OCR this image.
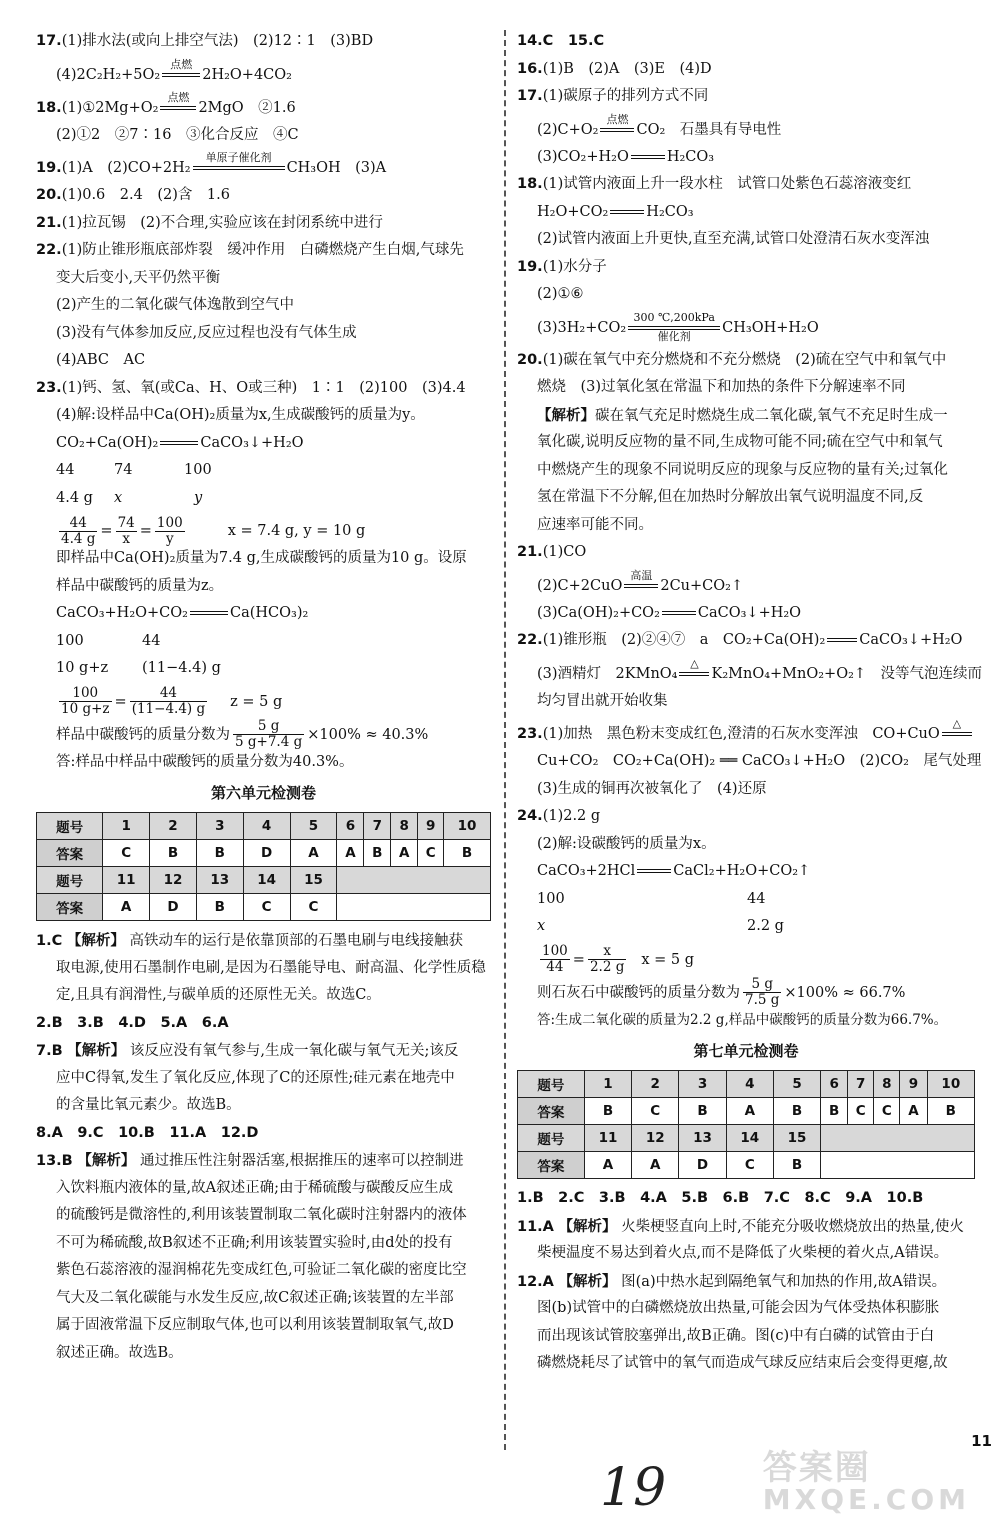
17.(1)排水法(或向上排空气法)　(2)12∶1　(3)BD
(4)2C₂H₂+5O₂
点燃
2H₂O+4CO₂
18.(1)①2Mg+O₂
点燃
2MgO　②1.6
(2)①2　②7∶16　③化合反应　④C
19.(1)A　(2)CO+2H₂
单原子催化剂
CH₃OH　(3)A
20.(1)0.6　2.4　(2)含　1.6
21.(1)拉瓦锡　(2)不合理,实验应该在封闭系统中进行
22.(1)防止锥形瓶底部炸裂　缓冲作用　白磷燃烧产生白烟,气球先
变大后变小,天平仍然平衡
(2)产生的二氧化碳气体逸散到空气中
(3)没有气体参加反应,反应过程也没有气体生成
(4)ABC　AC
23.(1)钙、氢、氧(或Ca、H、O或三种)　1∶1　(2)100　(3)4.4
(4)解:设样品中Ca(OH)₂质量为x,生成碳酸钙的质量为y。
CO₂+Ca(OH)₂	CaCO₃↓+H₂O
44	74	100
4.4 g x	y
$\frac{44}{4.4 g} = \frac{74}{x} = \frac{100}{y}$	x = 7.4 g, y = 10 g
即样品中Ca(OH)₂质量为7.4 g,生成碳酸钙的质量为10 g。设原
样品中碳酸钙的质量为z。
CaCO₃+H₂O+CO₂	Ca(HCO₃)₂
100	44
10 g+z (11−4.4) g
$\frac{100}{10 g+z} = \frac{44}{(11-4.4) g}$ z = 5 g
样品中碳酸钙的质量分数为 $\frac{5 g}{5 g+7.4 g} \times 100\% \approx 40.3\%$
答:样品中样品中碳酸钙的质量分数为40.3%。
第六单元检测卷
题号	1	2	3	4	5	6	7	8	9	10
答案	C	B	B	D	A	A	B	A	C	B
题号	11	12	13	14	15					
答案	A	D	B	C	C					
1.C 【解析】 高铁动车的运行是依靠顶部的石墨电刷与电线接触获
取电源,使用石墨制作电刷,是因为石墨能导电、耐高温、化学性质稳
定,且具有润滑性,与碳单质的还原性无关。故选C。
2.B　 3.B　 4.D　 5.A　 6.A
7.B 【解析】 该反应没有氧气参与,生成一氧化碳与氧气无关;该反
应中C得氧,发生了氧化反应,体现了C的还原性;硅元素在地壳中
的含量比氧元素少。故选B。
8.A　 9.C　 10.B　 11.A　 12.D
13.B 【解析】 通过推压性注射器活塞,根据推压的速率可以控制进
入饮料瓶内液体的量,故A叙述正确;由于稀硫酸与碳酸反应生成
的硫酸钙是微溶性的,利用该装置制取二氧化碳时注射器内的液体
不可为稀硫酸,故B叙述不正确;利用该装置实验时,由d处的投有
紫色石蕊溶液的湿润棉花先变成红色,可验证二氧化碳的密度比空
气大及二氧化碳能与水发生反应,故C叙述正确;该装置的左半部
属于固液常温下反应制取气体,也可以利用该装置制取氧气,故D
叙述正确。故选B。
14.C　 15.C
16.(1)B　(2)A　(3)E　(4)D
17.(1)碳原子的排列方式不同
(2)C+O₂
点燃
CO₂　石墨具有导电性
(3)CO₂+H₂O	H₂CO₃
18.(1)试管内液面上升一段水柱　试管口处紫色石蕊溶液变红
H₂O+CO₂	H₂CO₃
(2)试管内液面上升更快,直至充满,试管口处澄清石灰水变浑浊
19.(1)水分子
(2)①⑥
(3)3H₂+CO₂
300 ℃,200kPa
催化剂
CH₃OH+H₂O
20.(1)碳在氧气中充分燃烧和不充分燃烧　(2)硫在空气中和氧气中
燃烧　(3)过氧化氢在常温下和加热的条件下分解速率不同
【解析】碳在氧气充足时燃烧生成二氧化碳,氧气不充足时生成一
氧化碳,说明反应物的量不同,生成物可能不同;硫在空气中和氧气
中燃烧产生的现象不同说明反应的现象与反应物的量有关;过氧化
氢在常温下不分解,但在加热时分解放出氧气说明温度不同,反
应速率可能不同。
21.(1)CO
(2)C+2CuO
高温
2Cu+CO₂↑
(3)Ca(OH)₂+CO₂	CaCO₃↓+H₂O
22.(1)锥形瓶　(2)②④⑦　a　CO₂+Ca(OH)₂ CaCO₃↓+H₂O
(3)酒精灯　2KMnO₄
△
K₂MnO₄+MnO₂+O₂↑　没等气泡连续而
均匀冒出就开始收集
23.(1)加热　黑色粉末变成红色,澄清的石灰水变浑浊　CO+CuO
△
Cu+CO₂　CO₂+Ca(OH)₂ ══ CaCO₃↓+H₂O　(2)CO₂　尾气处理
(3)生成的铜再次被氧化了　(4)还原
24.(1)2.2 g
(2)解:设碳酸钙的质量为x。
CaCO₃+2HCl	CaCl₂+H₂O+CO₂↑
100	44
x	2.2 g
$\frac{100}{44} = \frac{x}{2.2 g}$ x = 5 g
则石灰石中碳酸钙的质量分数为 $\frac{5 g}{7.5 g} \times 100\% \approx 66.7\%$
答:生成二氧化碳的质量为2.2 g,样品中碳酸钙的质量分数为66.7%。
第七单元检测卷
题号	1	2	3	4	5	6	7	8	9	10
答案	B	C	B	A	B	B	C	C	A	B
题号	11	12	13	14	15					
答案	A	A	D	C	B					
1.B　 2.C　 3.B　 4.A　 5.B　 6.B　 7.C　 8.C　 9.A　 10.B
11.A 【解析】 火柴梗竖直向上时,不能充分吸收燃烧放出的热量,使火
柴梗温度不易达到着火点,而不是降低了火柴梗的着火点,A错误。
12.A 【解析】 图(a)中热水起到隔绝氧气和加热的作用,故A错误。
图(b)试管中的白磷燃烧放出热量,可能会因为气体受热体积膨胀
而出现该试管胶塞弹出,故B正确。图(c)中有白磷的试管由于白
磷燃烧耗尽了试管中的氧气而造成气球反应结束后会变得更瘪,故
11
19	答案圈
MXQE.COM
